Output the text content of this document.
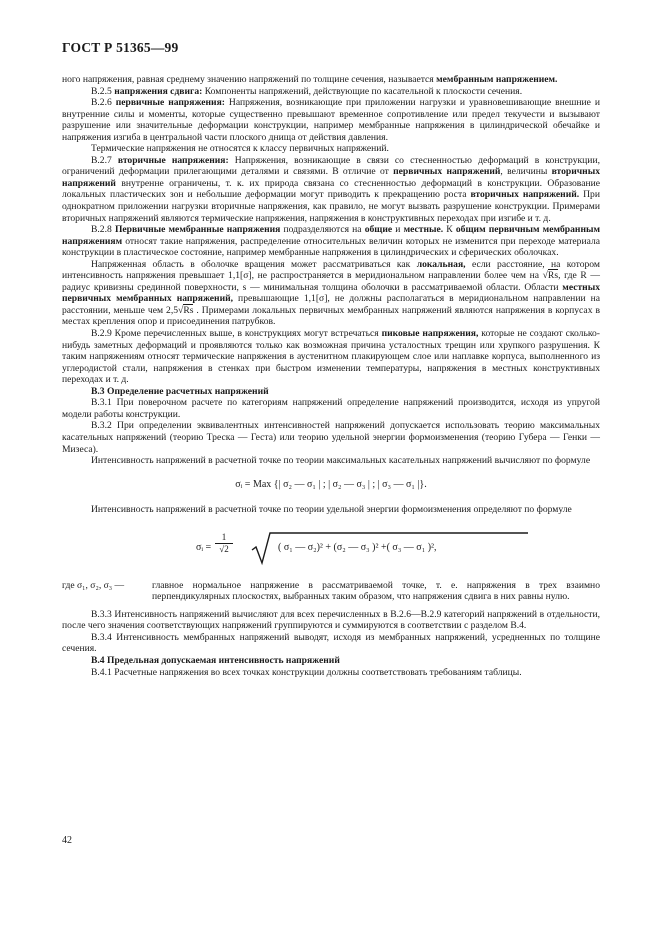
ГОСТ Р 51365—99

ного напряжения, равная среднему значению напряжений по толщине сечения, называется мембранным напряжением.

В.2.5 напряжения сдвига: Компоненты напряжений, действующие по касательной к плоскости сечения.

В.2.6 первичные напряжения: Напряжения, возникающие при приложении нагрузки и уравновешивающие внешние и внутренние силы и моменты, которые существенно превышают временное сопротивление или предел текучести и вызывают разрушение или значительные деформации конструкции, например мембранные напряжения в цилиндрической обечайке и напряжения изгиба в центральной части плоского днища от действия давления.

Термические напряжения не относятся к классу первичных напряжений.

В.2.7 вторичные напряжения: Напряжения, возникающие в связи со стесненностью деформаций в конструкции, ограничений деформации прилегающими деталями и связями. В отличие от первичных напряжений, величины вторичных напряжений внутренне ограничены, т. к. их природа связана со стесненностью деформаций в конструкции. Образование локальных пластических зон и небольшие деформации могут приводить к прекращению роста вторичных напряжений. При однократном приложении нагрузки вторичные напряжения, как правило, не могут вызвать разрушение конструкции. Примерами вторичных напряжений являются термические напряжения, напряжения в конструктивных переходах при изгибе и т. д.

В.2.8 Первичные мембранные напряжения подразделяются на общие и местные. К общим первичным мембранным напряжениям относят такие напряжения, распределение относительных величин которых не изменится при переходе материала конструкции в пластическое состояние, например мембранные напряжения в цилиндрических и сферических оболочках.

Напряженная область в оболочке вращения может рассматриваться как локальная, если расстояние, на котором интенсивность напряжения превышает 1,1[σ], не распространяется в меридиональном направлении более чем на √Rs, где R — радиус кривизны срединной поверхности, s — минимальная толщина оболочки в рассматриваемой области. Области местных первичных мембранных напряжений, превышающие 1,1[σ], не должны располагаться в меридиональном направлении на расстоянии, меньше чем 2,5√Rs . Примерами локальных первичных мембранных напряжений являются напряжения в корпусах в местах крепления опор и присоединения патрубков.

В.2.9 Кроме перечисленных выше, в конструкциях могут встречаться пиковые напряжения, которые не создают сколько-нибудь заметных деформаций и проявляются только как возможная причина усталостных трещин или хрупкого разрушения. К таким напряжениям относят термические напряжения в аустенитном плакирующем слое или наплавке корпуса, выполненного из углеродистой стали, напряжения в стенках при быстром изменении температуры, напряжения в местных конструктивных переходах и т. д.

В.3 Определение расчетных напряжений

В.3.1 При поверочном расчете по категориям напряжений определение напряжений производится, исходя из упругой модели работы конструкции.

В.3.2 При определении эквивалентных интенсивностей напряжений допускается использовать теорию максимальных касательных напряжений (теорию Треска — Геста) или теорию удельной энергии формоизменения (теорию Губера — Генки — Мизеса).

Интенсивность напряжений в расчетной точке по теории максимальных касательных напряжений вычисляют по формуле

σᵢ = Max {| σ₂ — σ₁ | ; | σ₂ — σ₃ | ; | σ₃ — σ₁ |}.

Интенсивность напряжений в расчетной точке по теории удельной энергии формоизменения определяют по формуле

σᵢ = $\frac{1}{√2}$	( σ₁ — σ₂)² + (σ₂ — σ₃ )² +( σ₃ — σ₁ )²,
где σ₁, σ₂, σ₃ —	главное нормальное напряжение в рассматриваемой точке, т. е. напряжения в трех взаимно перпендикулярных плоскостях, выбранных таким образом, что напряжения сдвига в них равны нулю.

В.3.3 Интенсивность напряжений вычисляют для всех перечисленных в В.2.6—В.2.9 категорий напряжений в отдельности, после чего значения соответствующих напряжений группируются и суммируются в соответствии с разделом В.4.

В.3.4 Интенсивность мембранных напряжений выводят, исходя из мембранных напряжений, усредненных по толщине сечения.

В.4 Предельная допускаемая интенсивность напряжений

В.4.1 Расчетные напряжения во всех точках конструкции должны соответствовать требованиям таблицы.

42
